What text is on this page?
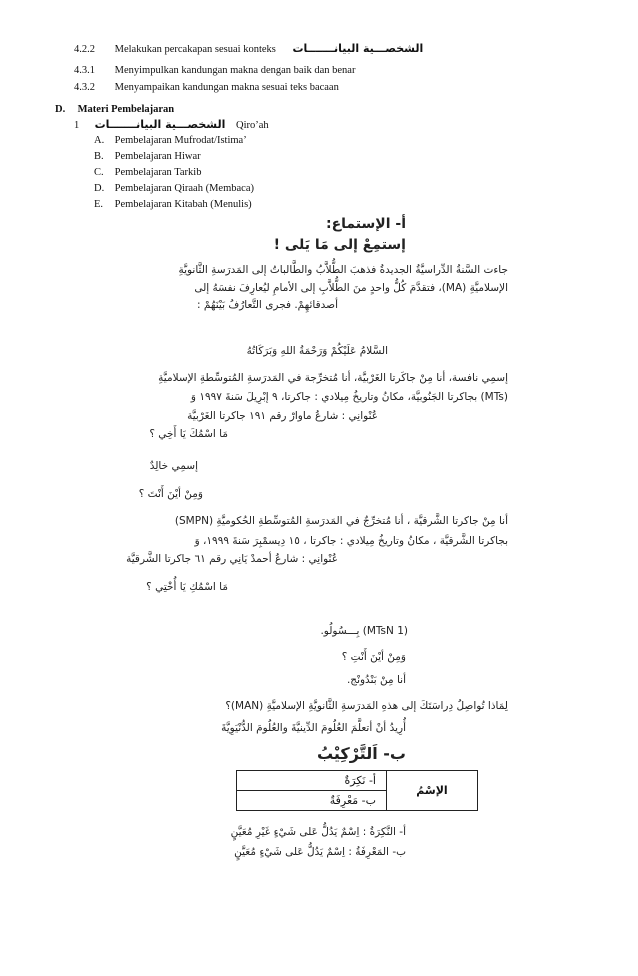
4.2.2 Melakukan percakapan sesuai konteks الشخصـــية البيانـــــــات
4.3.1 Menyimpulkan kandungan makna dengan baik dan benar
4.3.2 Menyampaikan kandungan makna sesuai teks bacaan
D. Materi Pembelajaran
1 الشخصـــية البيانـــــــات Qiro’ah
A. Pembelajaran Mufrodat/Istima’
B. Pembelajaran Hiwar
C. Pembelajaran Tarkib
D. Pembelajaran Qiraah (Membaca)
E. Pembelajaran Kitabah (Menulis)
أ- الإستماع:
إستمِعْ إلى مَا يَلى !
جاءت السَّنةُ الدِّراسيَّةُ الجديدةُ فذهبَ الطُّلاَّبُ والطَّالباتُ إلى المَدرَسةِ الثَّانويَّةِ
الإسلاميَّةِ (MA)، فتقدَّمَ كُلُّ واحدٍ منَ الطُّلاَّبِ إلى الأمامِ ليُعارِفَ نفسَهُ إلى
أصدقائهِمْ. فجرى التَّعارُفُ بَيْنَهُمْ :
السَّلامُ عَلَيْكُمْ وَرَحْمَةُ اللهِ وَبَرَكَاتُهُ
إسمِي نافسة، أنا مِنْ جاكَرتا الغَرْبيَّة، أنا مُتخرِّجة في المَدرَسةِ المُتوسِّطةِ الإسلاميَّةِ
(MTs) بجاكرتا الجَنُوبيَّة، مكانُ وتاريخُ مِيلادي : جاكرتا، ٩ إبْرِيلَ سَنةَ ١٩٩٧ وَ
عُنْوانِي : شارعُ ماوارْ رقم ١٩١ جاكرتا الغَرْبيَّة
مَا اسْمُكَ يَا أَخِي ؟
إسمِي خالِدٌ
وَمِنْ أيْنَ أَنْتَ ؟
أنا مِنْ جاكرتا الشَّرقيَّة ، أنا مُتخرِّجٌ في المَدرَسةِ المُتوسِّطةِ الحُكوميَّةِ (SMPN)
بجاكرتا الشَّرقيَّة ، مكانُ وتاريخُ مِيلادي : جاكرتا ، ١٥ دِيسمْبِرَ سَنةَ ١٩٩٩، وَ
عُنْوانِي : شارعُ أحمدْ يَانِي رقم ٦١ جاكرتا الشَّرقيَّة
مَا اسْمُكِ يَا أُخْتِي ؟
(MTsN 1) بِـــسُولُو.
وَمِنْ أيْنَ أَنْتِ ؟
أنا مِنْ بَنْدُونْج.
لِمَاذا تُواصِلُ دِراسَتَكَ إلى هذهِ المَدرَسةِ الثَّانويَّةِ الإسلاميَّةِ (MAN)؟
أُرِيدُ أنْ أتعلَّمَ العُلُومَ الدِّينيَّةَ والعُلُومَ الدُّنْيَوِيَّةَ
ب- اَلتَّرْكِيْبُ
الإسْمُ	أ- نَكِرَةٌ
ب- مَعْرِفَةٌ
أ- النَّكِرَةُ : اِسْمٌ يَدُلُّ عَلى شَيْءٍ غَيْرِ مُعَيَّنٍ
ب- المَعْرِفَةُ : اِسْمٌ يَدُلُّ عَلى شَيْءٍ مُعَيَّنٍ
